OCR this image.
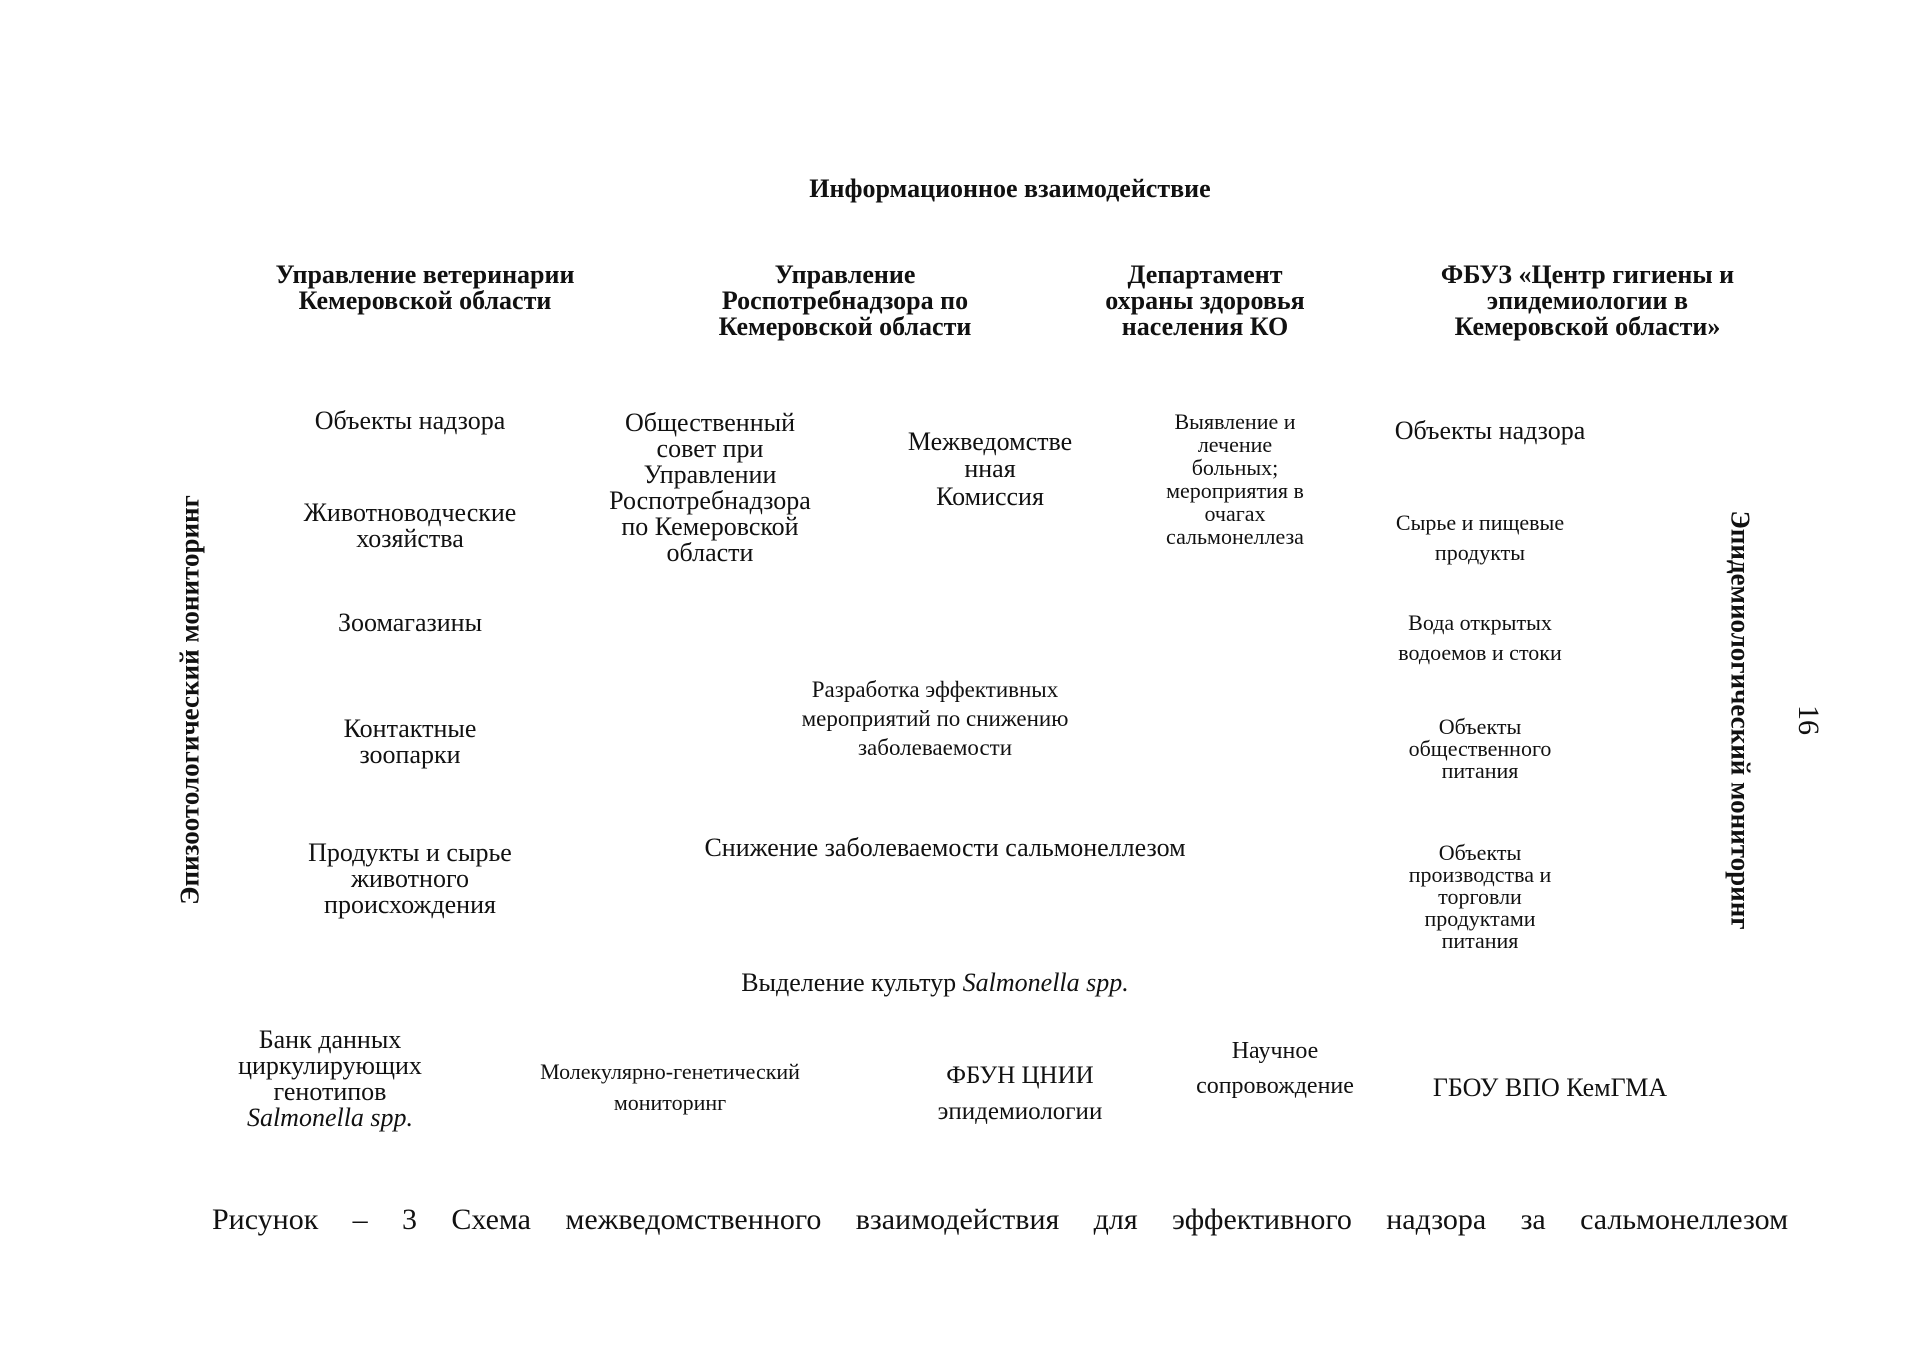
Информационное взаимодействие
Управление ветеринарии
Кемеровской области
Управление
Роспотребнадзора по
Кемеровской области
Департамент
охраны здоровья
населения КО
ФБУЗ «Центр гигиены и
эпидемиологии в
Кемеровской области»
Объекты надзора
Животноводческие
хозяйства
Зоомагазины
Контактные
зоопарки
Продукты и сырье
животного
происхождения
Общественный
совет при
Управлении
Роспотребнадзора
по Кемеровской
области
Межведомстве
нная
Комиссия
Выявление и
лечение
больных;
мероприятия в
очагах
сальмонеллеза
Разработка эффективных
мероприятий по снижению
заболеваемости
Снижение заболеваемости сальмонеллезом
Выделение культур Salmonella spp.
Объекты надзора
Сырье и пищевые
продукты
Вода открытых
водоемов и стоки
Объекты
общественного
питания
Объекты
производства и
торговли
продуктами
питания
Банк данных
циркулирующих
генотипов
Salmonella spp.
Молекулярно-генетический
мониторинг
ФБУН ЦНИИ
эпидемиологии
Научное
сопровождение	ГБОУ ВПО КемГМА
Эпизоотологический мониторинг	Эпидемиологический мониторинг 16
Рисунок – 3 Схема межведомственного взаимодействия для эффективного надзора за сальмонеллезом
